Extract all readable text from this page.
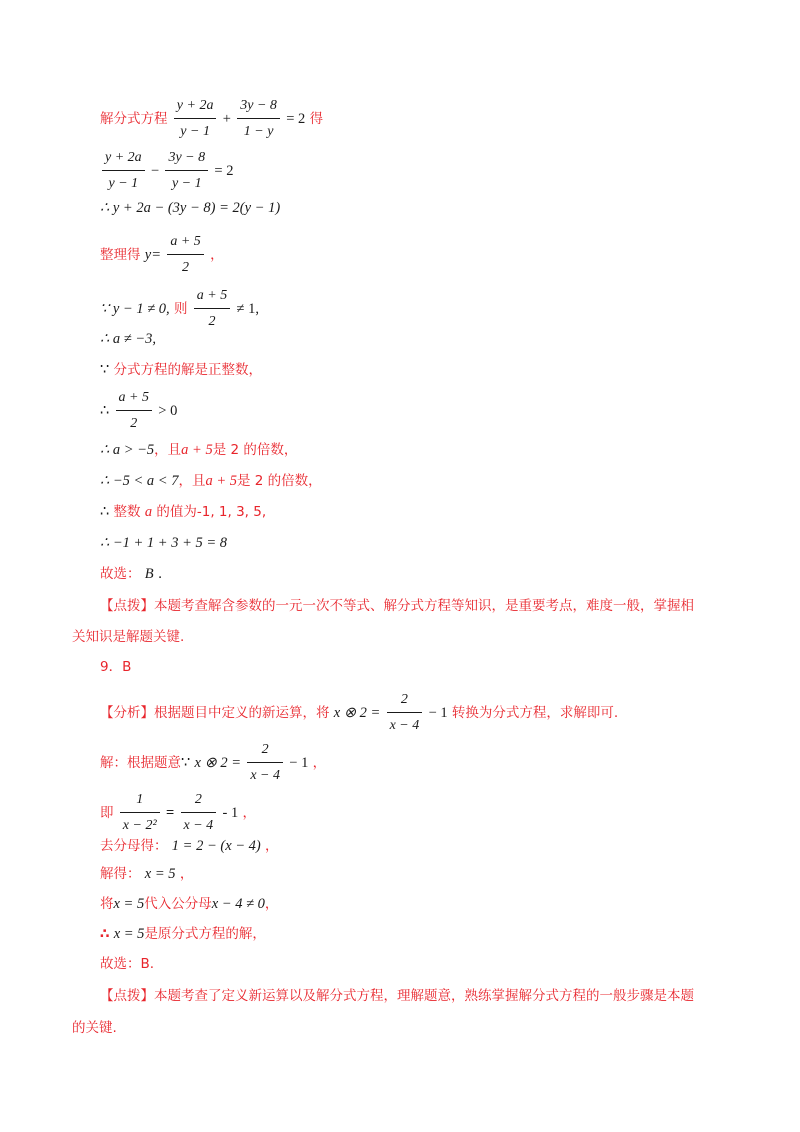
解分式方程 $\frac{y + 2a}{y - 1} + \frac{3y - 8}{1 - y} = 2$ 得
$\frac{y + 2a}{y - 1} - \frac{3y - 8}{y - 1} = 2$
∴ y + 2a − (3y − 8) = 2(y − 1)
整理得 $y= \frac{a + 5}{2}$ ，
∵ y − 1 ≠ 0, 则 $\frac{a + 5}{2} \ne 1$,
∴ a ≠ −3,
∵ 分式方程的解是正整数，
∴ $\frac{a + 5}{2} > 0$
∴ a > −5，且a + 5是 2 的倍数，
∴ −5 < a < 7，且a + 5是 2 的倍数，
∴ 整数 a 的值为-1, 1, 3, 5,
∴ −1 + 1 + 3 + 5 = 8
故选： B ．
【点拨】本题考查解含参数的一元一次不等式、解分式方程等知识，是重要考点，难度一般，掌握相
关知识是解题关键.
9．B
【分析】根据题目中定义的新运算，将 x ⊗ $2 = \frac{2}{x - 4} - 1$ 转换为分式方程，求解即可.
解：根据题意∵ x ⊗ $2 = \frac{2}{x - 4} - 1$ ，
即 $\frac{1}{\text{x − 2²}} = \frac{2}{x - 4} - 1$ ，
去分母得： 1 = 2 − (x − 4) ，
解得： x = 5 ，
将x = 5代入公分母x − 4 ≠ 0，
∴ x = 5是原分式方程的解，
故选：B.
【点拨】本题考查了定义新运算以及解分式方程，理解题意，熟练掌握解分式方程的一般步骤是本题
的关键.
